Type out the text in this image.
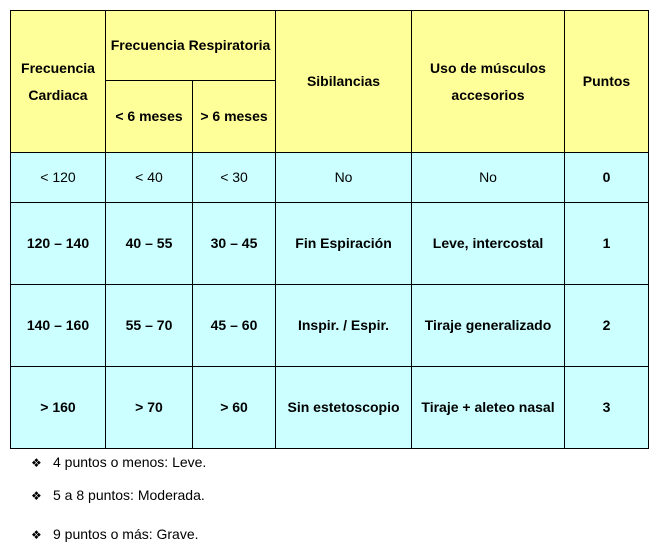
Frecuencia Cardiaca	Frecuencia Respiratoria		Sibilancias	Uso de músculos accesorios	Puntos
	< 6 meses	> 6 meses			
< 120	< 40	< 30	No	No	0
120 – 140	40 – 55	30 – 45	Fin Espiración	Leve, intercostal	1
140 – 160	55 – 70	45 – 60	Inspir. / Espir.	Tiraje generalizado	2
> 160	> 70	> 60	Sin estetoscopio	Tiraje + aleteo nasal	3
❖ 4 puntos o menos: Leve.
❖ 5 a 8 puntos: Moderada.
❖ 9 puntos o más: Grave.
